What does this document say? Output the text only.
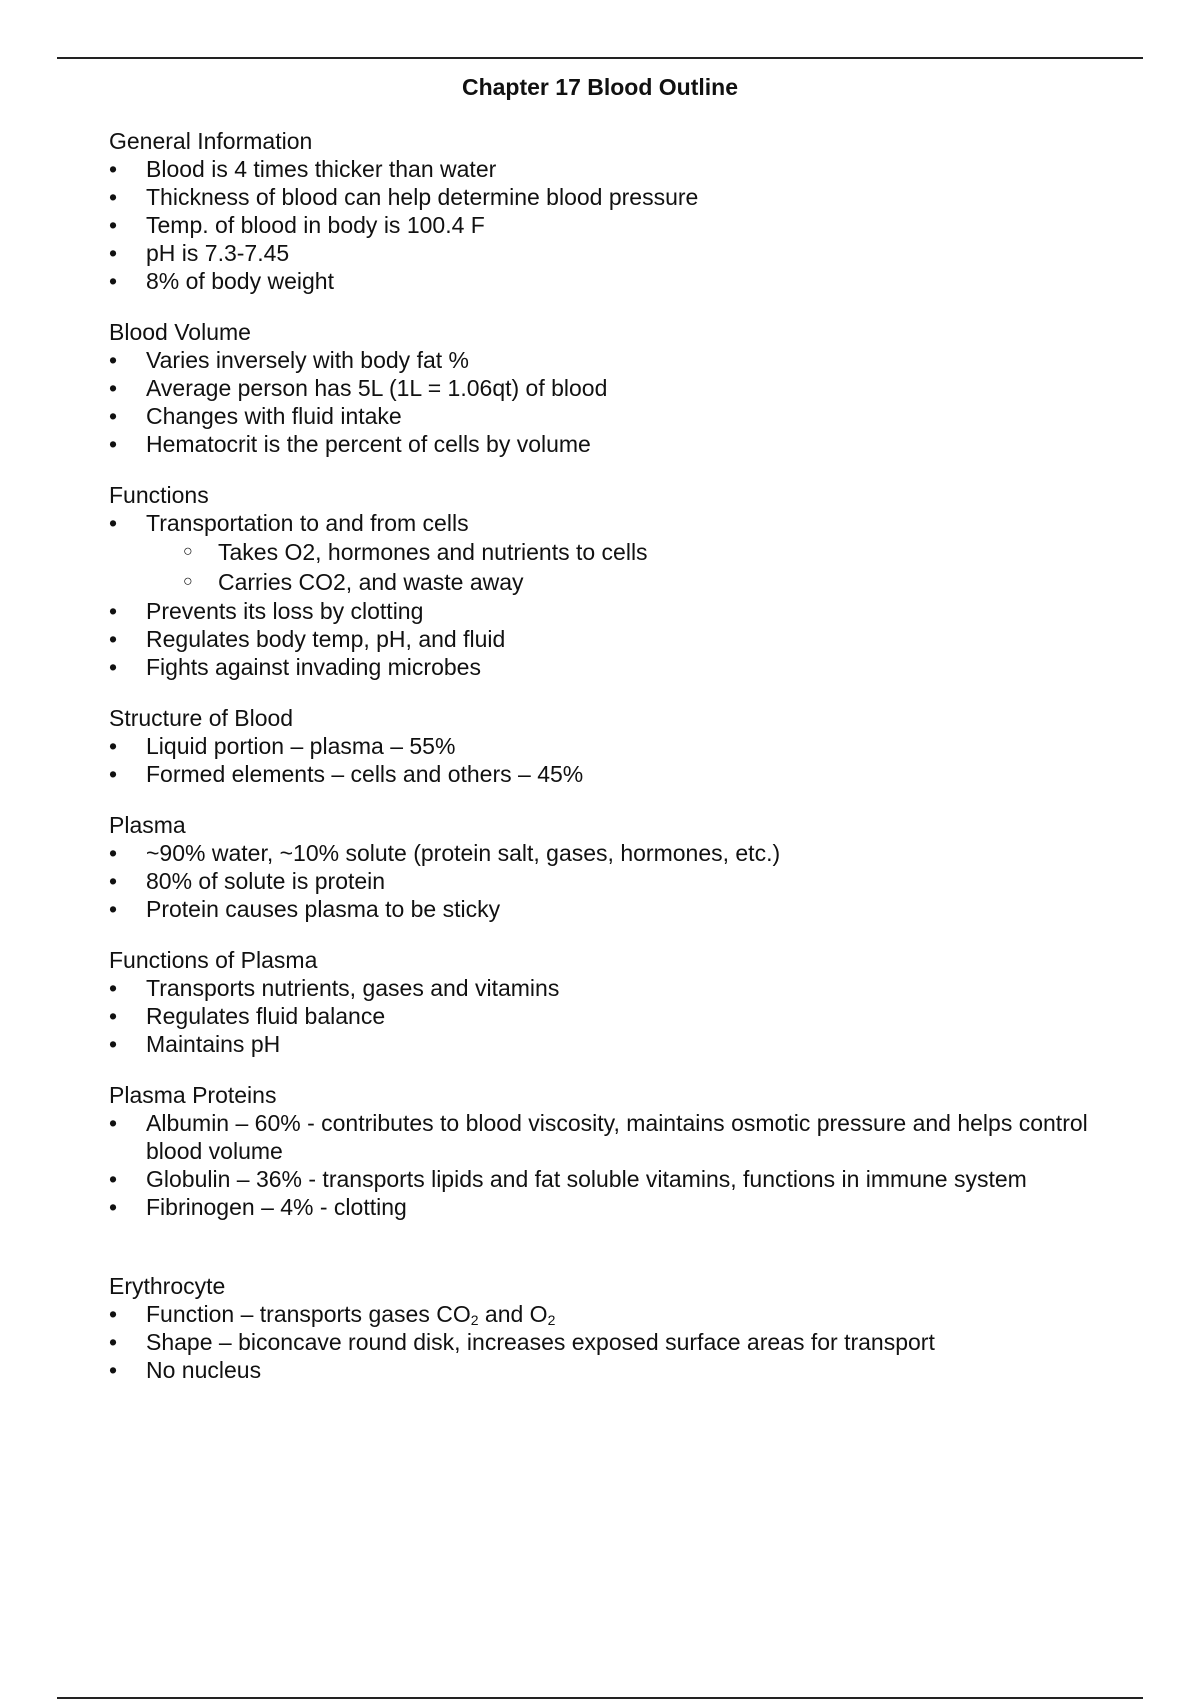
Chapter 17 Blood Outline
General Information
•	Blood is 4 times thicker than water
•	Thickness of blood can help determine blood pressure
•	Temp. of blood in body is 100.4 F
•	pH is 7.3-7.45
•	8% of body weight
Blood Volume
•	Varies inversely with body fat %
•	Average person has 5L (1L = 1.06qt) of blood
•	Changes with fluid intake
•	Hematocrit is the percent of cells by volume
Functions
•	Transportation to and from cells
○ Takes O2, hormones and nutrients to cells
○ Carries CO2, and waste away
•	Prevents its loss by clotting
•	Regulates body temp, pH, and fluid
•	Fights against invading microbes
Structure of Blood
•	Liquid portion – plasma – 55%
•	Formed elements – cells and others – 45%
Plasma
•	~90% water, ~10% solute (protein salt, gases, hormones, etc.)
•	80% of solute is protein
•	Protein causes plasma to be sticky
Functions of Plasma
•	Transports nutrients, gases and vitamins
•	Regulates fluid balance
•	Maintains pH
Plasma Proteins
•	Albumin – 60% - contributes to blood viscosity, maintains osmotic pressure and helps control blood volume
•	Globulin – 36% - transports lipids and fat soluble vitamins, functions in immune system
•	Fibrinogen – 4% - clotting
Erythrocyte
•	Function – transports gases $CO_2$ and $O_2$
•	Shape – biconcave round disk, increases exposed surface areas for transport
•	No nucleus
